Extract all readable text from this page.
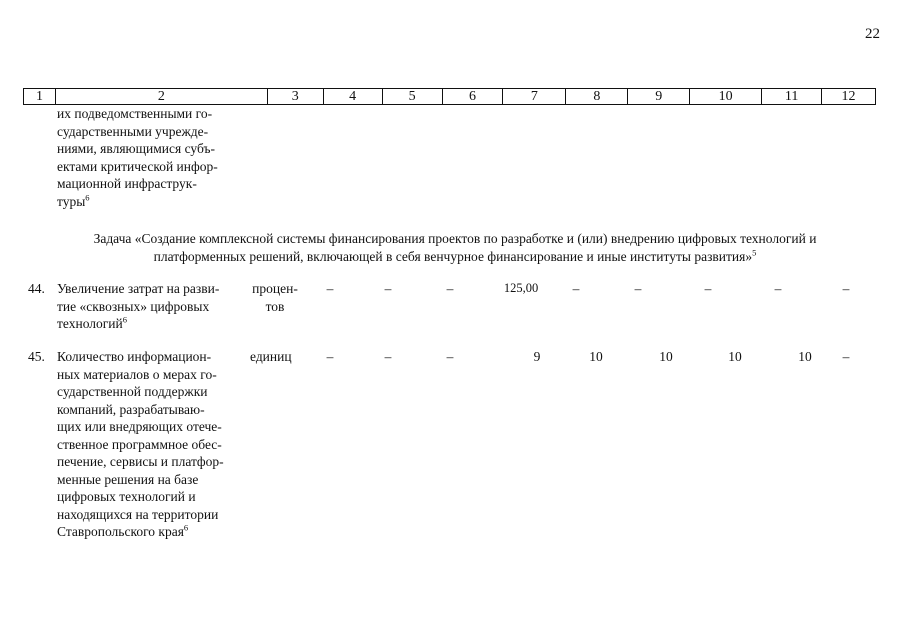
22
1	2	3	4	5	6	7	8	9	10	11	12
их подведомственными го-
сударственными учрежде-
ниями, являющимися субъ-
ектами критической инфор-
мационной инфраструк-
туры$^6$
Задача «Создание комплексной системы финансирования проектов по разработке и (или) внедрению цифровых технологий и
платформенных решений, включающей в себя венчурное финансирование и иные институты развития»$^5$
44. Увеличение затрат на разви-
тие «сквозных» цифровых
технологий$^6$
процен-
тов
–	–	–	125,00	–	–	–	–	–
45. Количество информацион-
ных материалов о мерах го-
сударственной поддержки
компаний, разрабатываю-
щих или внедряющих отече-
ственное программное обес-
печение, сервисы и платфор-
менные решения на базе
цифровых технологий и
находящихся на территории
Ставропольского края$^6$
единиц	–	–	–	9	10	10	10	10	–
